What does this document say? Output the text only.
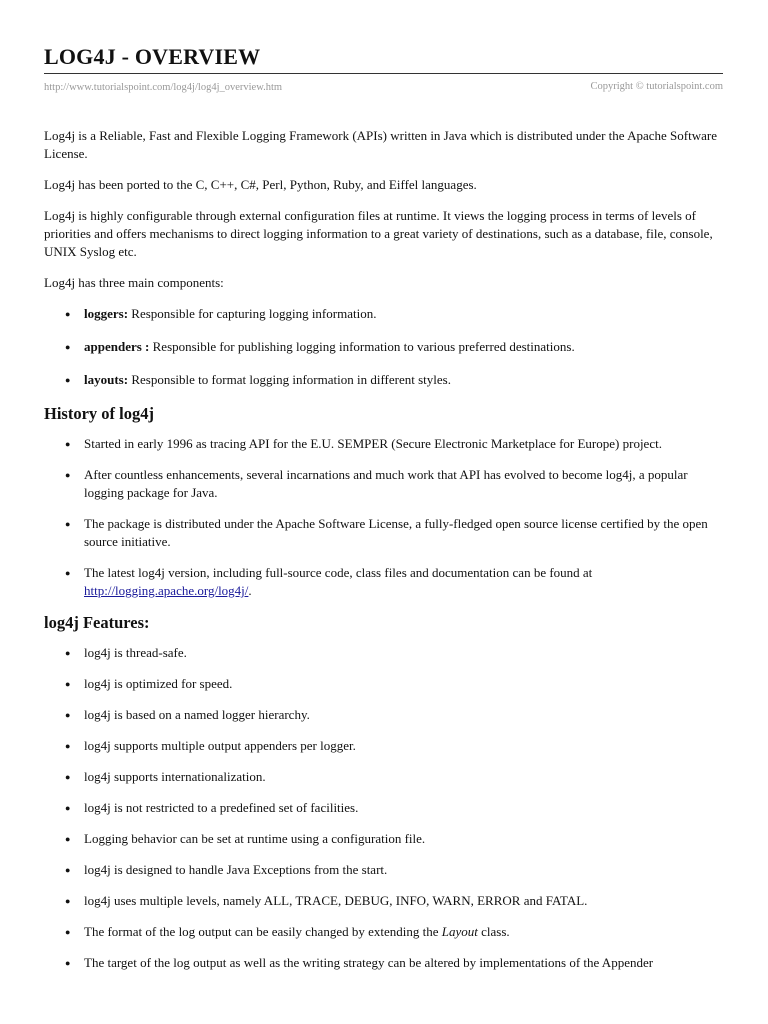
LOG4J - OVERVIEW
http://www.tutorialspoint.com/log4j/log4j_overview.htm	Copyright © tutorialspoint.com

Log4j is a Reliable, Fast and Flexible Logging Framework (APIs) written in Java which is distributed under the Apache Software License.

Log4j has been ported to the C, C++, C#, Perl, Python, Ruby, and Eiffel languages.

Log4j is highly configurable through external configuration files at runtime. It views the logging process in terms of levels of priorities and offers mechanisms to direct logging information to a great variety of destinations, such as a database, file, console, UNIX Syslog etc.

Log4j has three main components:

● loggers: Responsible for capturing logging information.
● appenders : Responsible for publishing logging information to various preferred destinations.
● layouts: Responsible to format logging information in different styles.
History of log4j
● Started in early 1996 as tracing API for the E.U. SEMPER (Secure Electronic Marketplace for Europe) project.
● After countless enhancements, several incarnations and much work that API has evolved to become log4j, a popular logging package for Java.
● The package is distributed under the Apache Software License, a fully-fledged open source license certified by the open source initiative.
● The latest log4j version, including full-source code, class files and documentation can be found at http://logging.apache.org/log4j/.
log4j Features:
● log4j is thread-safe.
● log4j is optimized for speed.
● log4j is based on a named logger hierarchy.
● log4j supports multiple output appenders per logger.
● log4j supports internationalization.
● log4j is not restricted to a predefined set of facilities.
● Logging behavior can be set at runtime using a configuration file.
● log4j is designed to handle Java Exceptions from the start.
● log4j uses multiple levels, namely ALL, TRACE, DEBUG, INFO, WARN, ERROR and FATAL.
● The format of the log output can be easily changed by extending the Layout class.
● The target of the log output as well as the writing strategy can be altered by implementations of the Appender
